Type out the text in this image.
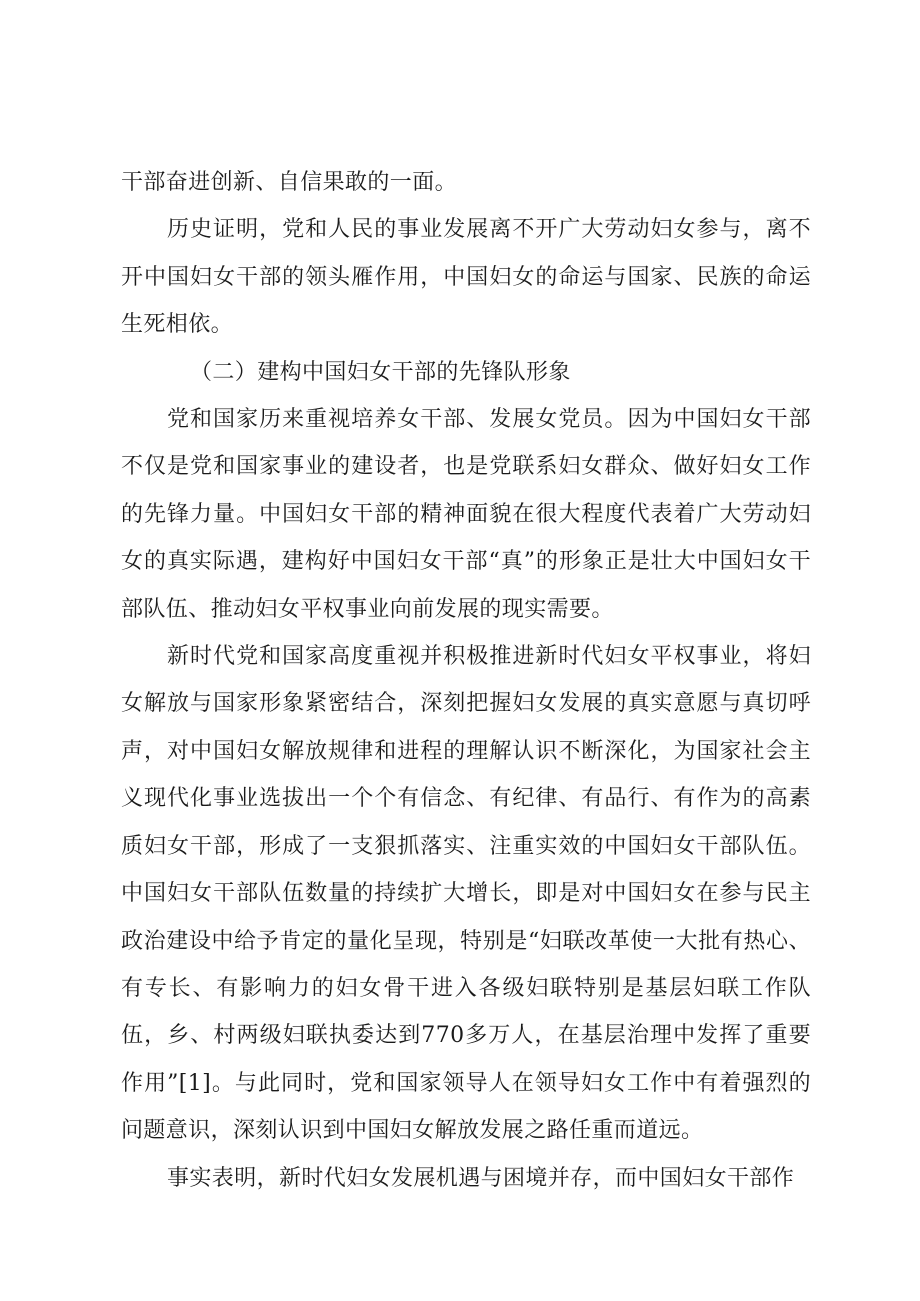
干部奋进创新、自信果敢的一面。

历史证明，党和人民的事业发展离不开广大劳动妇女参与，离不开中国妇女干部的领头雁作用，中国妇女的命运与国家、民族的命运生死相依。

（二）建构中国妇女干部的先锋队形象

党和国家历来重视培养女干部、发展女党员。因为中国妇女干部不仅是党和国家事业的建设者，也是党联系妇女群众、做好妇女工作的先锋力量。中国妇女干部的精神面貌在很大程度代表着广大劳动妇女的真实际遇，建构好中国妇女干部“真”的形象正是壮大中国妇女干部队伍、推动妇女平权事业向前发展的现实需要。

新时代党和国家高度重视并积极推进新时代妇女平权事业，将妇女解放与国家形象紧密结合，深刻把握妇女发展的真实意愿与真切呼声，对中国妇女解放规律和进程的理解认识不断深化，为国家社会主义现代化事业选拔出一个个有信念、有纪律、有品行、有作为的高素质妇女干部，形成了一支狠抓落实、注重实效的中国妇女干部队伍。中国妇女干部队伍数量的持续扩大增长，即是对中国妇女在参与民主政治建设中给予肯定的量化呈现，特别是“妇联改革使一大批有热心、有专长、有影响力的妇女骨干进入各级妇联特别是基层妇联工作队伍，乡、村两级妇联执委达到770多万人，在基层治理中发挥了重要作用”[1]。与此同时，党和国家领导人在领导妇女工作中有着强烈的问题意识，深刻认识到中国妇女解放发展之路任重而道远。

事实表明，新时代妇女发展机遇与困境并存，而中国妇女干部作
